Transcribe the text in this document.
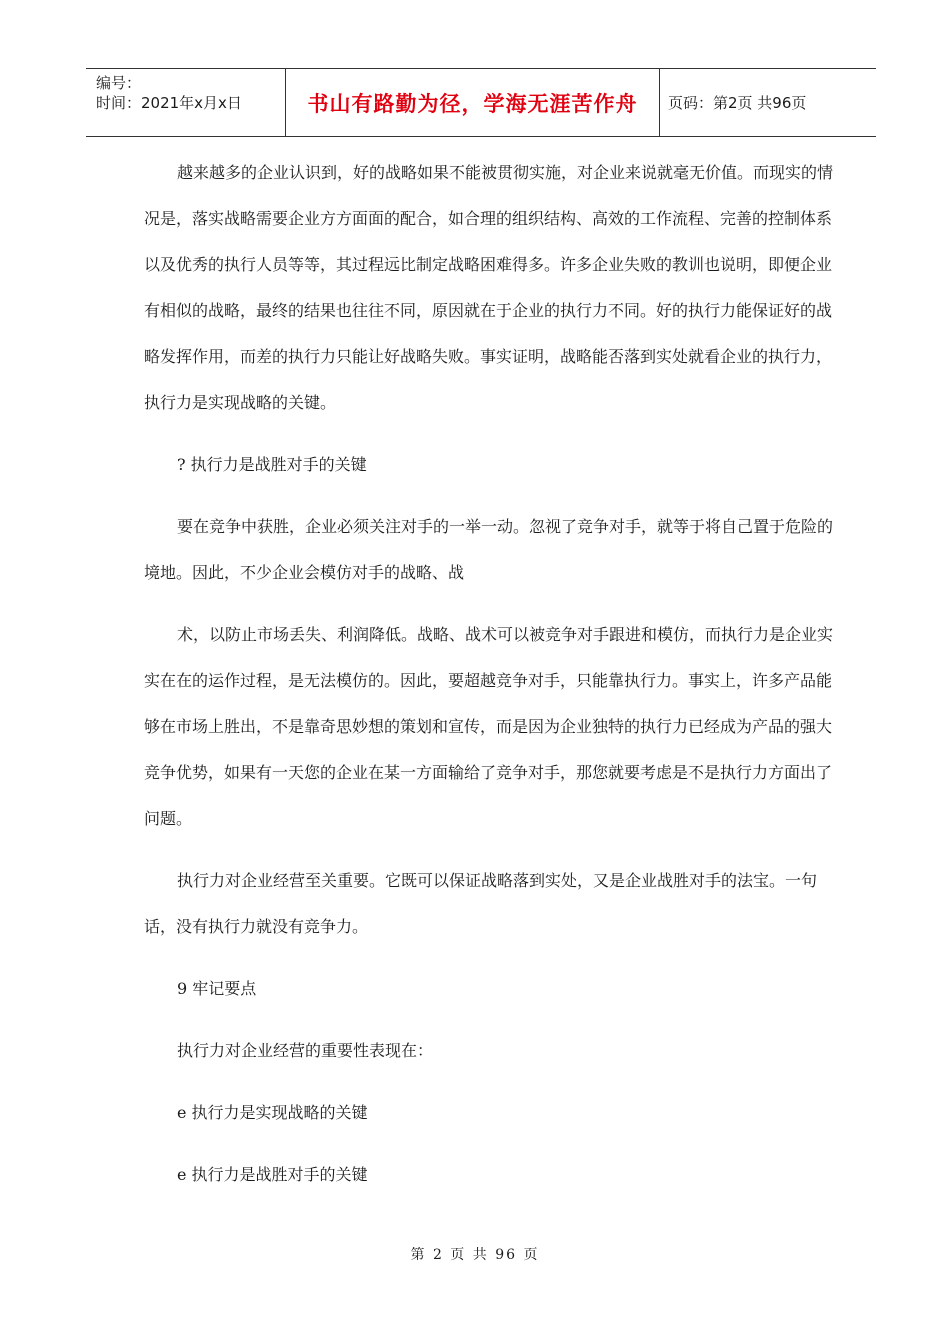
编号：
时间：2021年x月x日	书山有路勤为径，学海无涯苦作舟	页码：第2页 共96页

越来越多的企业认识到，好的战略如果不能被贯彻实施，对企业来说就毫无价值。而现实的情况是，落实战略需要企业方方面面的配合，如合理的组织结构、高效的工作流程、完善的控制体系以及优秀的执行人员等等，其过程远比制定战略困难得多。许多企业失败的教训也说明，即便企业有相似的战略，最终的结果也往往不同，原因就在于企业的执行力不同。好的执行力能保证好的战略发挥作用，而差的执行力只能让好战略失败。事实证明，战略能否落到实处就看企业的执行力，执行力是实现战略的关键。

? 执行力是战胜对手的关键

要在竞争中获胜，企业必须关注对手的一举一动。忽视了竞争对手，就等于将自己置于危险的境地。因此，不少企业会模仿对手的战略、战

术，以防止市场丢失、利润降低。战略、战术可以被竞争对手跟进和模仿，而执行力是企业实实在在的运作过程，是无法模仿的。因此，要超越竞争对手，只能靠执行力。事实上，许多产品能够在市场上胜出，不是靠奇思妙想的策划和宣传，而是因为企业独特的执行力已经成为产品的强大竞争优势，如果有一天您的企业在某一方面输给了竞争对手，那您就要考虑是不是执行力方面出了问题。

执行力对企业经营至关重要。它既可以保证战略落到实处，又是企业战胜对手的法宝。一句话，没有执行力就没有竞争力。

9 牢记要点

执行力对企业经营的重要性表现在：

e 执行力是实现战略的关键

e 执行力是战胜对手的关键

第 2 页 共 96 页
